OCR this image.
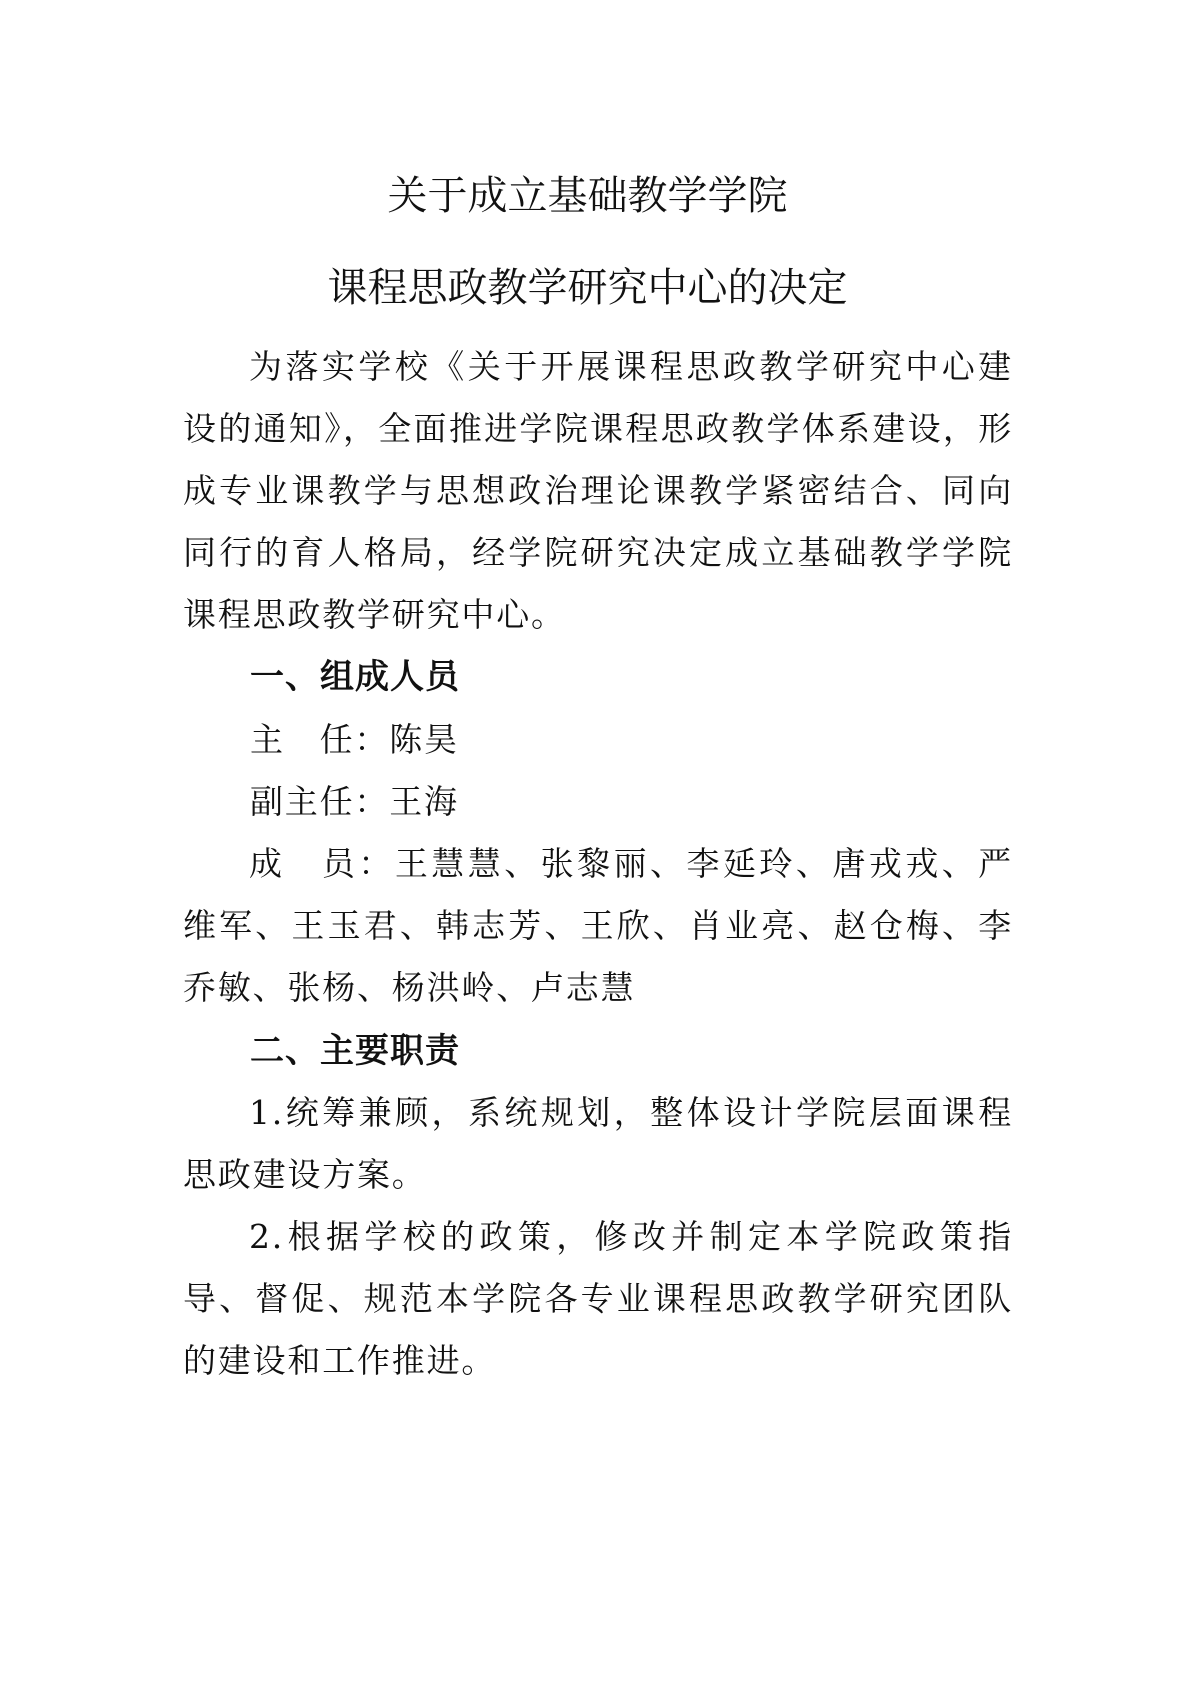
关于成立基础教学学院
课程思政教学研究中心的决定

为落实学校《关于开展课程思政教学研究中心建设的通知》，全面推进学院课程思政教学体系建设，形成专业课教学与思想政治理论课教学紧密结合、同向同行的育人格局，经学院研究决定成立基础教学学院课程思政教学研究中心。

一、组成人员

主　任：陈昊

副主任：王海

成　员：王慧慧、张黎丽、李延玲、唐戎戎、严维军、王玉君、韩志芳、王欣、肖业亮、赵仓梅、李乔敏、张杨、杨洪岭、卢志慧

二、主要职责

1.统筹兼顾，系统规划，整体设计学院层面课程思政建设方案。

2.根据学校的政策，修改并制定本学院政策指导、督促、规范本学院各专业课程思政教学研究团队的建设和工作推进。
